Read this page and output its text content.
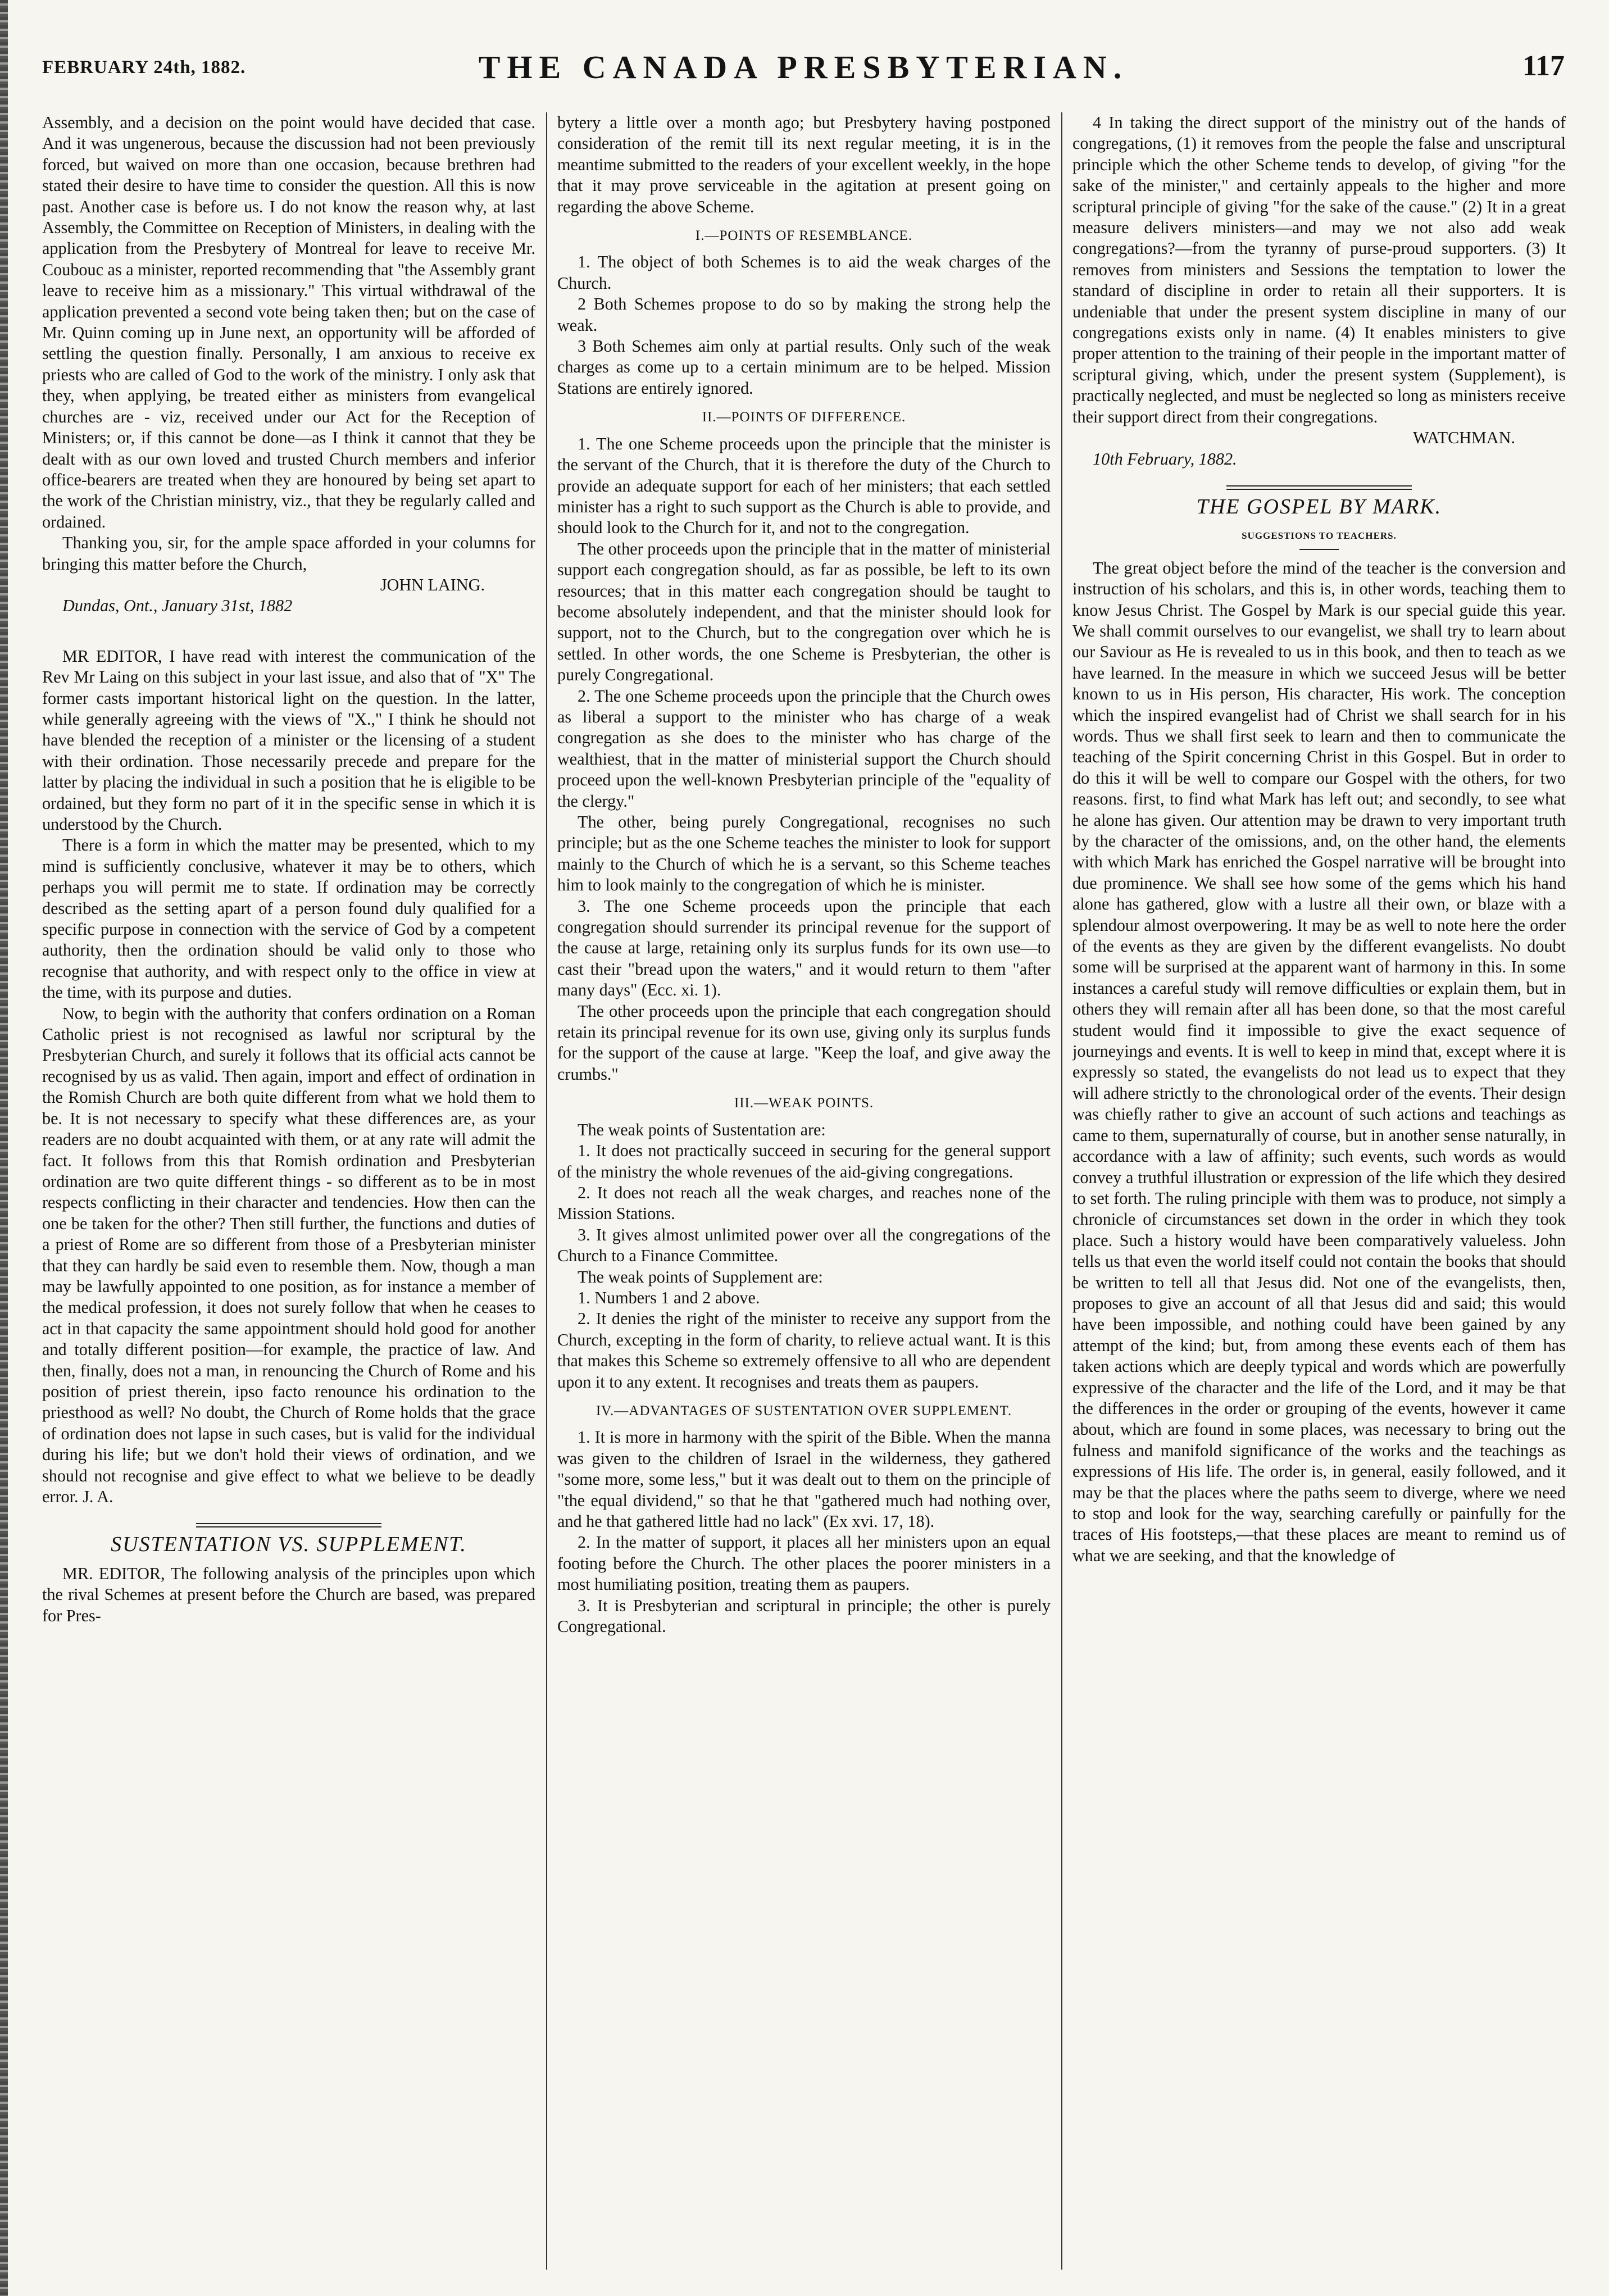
FEBRUARY 24th, 1882.	THE CANADA PRESBYTERIAN.	117

Assembly, and a decision on the point would have decided that case. And it was ungenerous, because the discussion had not been previously forced, but waived on more than one occasion, because brethren had stated their desire to have time to consider the question. All this is now past. Another case is before us. I do not know the reason why, at last Assembly, the Committee on Reception of Ministers, in dealing with the application from the Presbytery of Montreal for leave to receive Mr. Coubouc as a minister, reported recommending that "the Assembly grant leave to receive him as a missionary." This virtual withdrawal of the application prevented a second vote being taken then; but on the case of Mr. Quinn coming up in June next, an opportunity will be afforded of settling the question finally. Personally, I am anxious to receive ex priests who are called of God to the work of the ministry. I only ask that they, when applying, be treated either as ministers from evangelical churches are - viz, received under our Act for the Reception of Ministers; or, if this cannot be done—as I think it cannot that they be dealt with as our own loved and trusted Church members and inferior office-bearers are treated when they are honoured by being set apart to the work of the Christian ministry, viz., that they be regularly called and ordained.

Thanking you, sir, for the ample space afforded in your columns for bringing this matter before the Church,

JOHN LAING.

Dundas, Ont., January 31st, 1882

MR EDITOR, I have read with interest the communication of the Rev Mr Laing on this subject in your last issue, and also that of "X" The former casts important historical light on the question. In the latter, while generally agreeing with the views of "X.," I think he should not have blended the reception of a minister or the licensing of a student with their ordination. Those necessarily precede and prepare for the latter by placing the individual in such a position that he is eligible to be ordained, but they form no part of it in the specific sense in which it is understood by the Church.

There is a form in which the matter may be presented, which to my mind is sufficiently conclusive, whatever it may be to others, which perhaps you will permit me to state. If ordination may be correctly described as the setting apart of a person found duly qualified for a specific purpose in connection with the service of God by a competent authority, then the ordination should be valid only to those who recognise that authority, and with respect only to the office in view at the time, with its purpose and duties.

Now, to begin with the authority that confers ordination on a Roman Catholic priest is not recognised as lawful nor scriptural by the Presbyterian Church, and surely it follows that its official acts cannot be recognised by us as valid. Then again, import and effect of ordination in the Romish Church are both quite different from what we hold them to be. It is not necessary to specify what these differences are, as your readers are no doubt acquainted with them, or at any rate will admit the fact. It follows from this that Romish ordination and Presbyterian ordination are two quite different things - so different as to be in most respects conflicting in their character and tendencies. How then can the one be taken for the other? Then still further, the functions and duties of a priest of Rome are so different from those of a Presbyterian minister that they can hardly be said even to resemble them. Now, though a man may be lawfully appointed to one position, as for instance a member of the medical profession, it does not surely follow that when he ceases to act in that capacity the same appointment should hold good for another and totally different position—for example, the practice of law. And then, finally, does not a man, in renouncing the Church of Rome and his position of priest therein, ipso facto renounce his ordination to the priesthood as well? No doubt, the Church of Rome holds that the grace of ordination does not lapse in such cases, but is valid for the individual during his life; but we don't hold their views of ordination, and we should not recognise and give effect to what we believe to be deadly error. J. A.

SUSTENTATION VS. SUPPLEMENT.

MR. EDITOR, The following analysis of the principles upon which the rival Schemes at present before the Church are based, was prepared for Pres-

bytery a little over a month ago; but Presbytery having postponed consideration of the remit till its next regular meeting, it is in the meantime submitted to the readers of your excellent weekly, in the hope that it may prove serviceable in the agitation at present going on regarding the above Scheme.

I.—POINTS OF RESEMBLANCE.

1. The object of both Schemes is to aid the weak charges of the Church.

2 Both Schemes propose to do so by making the strong help the weak.

3 Both Schemes aim only at partial results. Only such of the weak charges as come up to a certain minimum are to be helped. Mission Stations are entirely ignored.

II.—POINTS OF DIFFERENCE.

1. The one Scheme proceeds upon the principle that the minister is the servant of the Church, that it is therefore the duty of the Church to provide an adequate support for each of her ministers; that each settled minister has a right to such support as the Church is able to provide, and should look to the Church for it, and not to the congregation.

The other proceeds upon the principle that in the matter of ministerial support each congregation should, as far as possible, be left to its own resources; that in this matter each congregation should be taught to become absolutely independent, and that the minister should look for support, not to the Church, but to the congregation over which he is settled. In other words, the one Scheme is Presbyterian, the other is purely Congregational.

2. The one Scheme proceeds upon the principle that the Church owes as liberal a support to the minister who has charge of a weak congregation as she does to the minister who has charge of the wealthiest, that in the matter of ministerial support the Church should proceed upon the well-known Presbyterian principle of the "equality of the clergy."

The other, being purely Congregational, recognises no such principle; but as the one Scheme teaches the minister to look for support mainly to the Church of which he is a servant, so this Scheme teaches him to look mainly to the congregation of which he is minister.

3. The one Scheme proceeds upon the principle that each congregation should surrender its principal revenue for the support of the cause at large, retaining only its surplus funds for its own use—to cast their "bread upon the waters," and it would return to them "after many days" (Ecc. xi. 1).

The other proceeds upon the principle that each congregation should retain its principal revenue for its own use, giving only its surplus funds for the support of the cause at large. "Keep the loaf, and give away the crumbs."

III.—WEAK POINTS.

The weak points of Sustentation are:

1. It does not practically succeed in securing for the general support of the ministry the whole revenues of the aid-giving congregations.

2. It does not reach all the weak charges, and reaches none of the Mission Stations.

3. It gives almost unlimited power over all the congregations of the Church to a Finance Committee.

The weak points of Supplement are:

1. Numbers 1 and 2 above.

2. It denies the right of the minister to receive any support from the Church, excepting in the form of charity, to relieve actual want. It is this that makes this Scheme so extremely offensive to all who are dependent upon it to any extent. It recognises and treats them as paupers.

IV.—ADVANTAGES OF SUSTENTATION OVER SUPPLEMENT.

1. It is more in harmony with the spirit of the Bible. When the manna was given to the children of Israel in the wilderness, they gathered "some more, some less," but it was dealt out to them on the principle of "the equal dividend," so that he that "gathered much had nothing over, and he that gathered little had no lack" (Ex xvi. 17, 18).

2. In the matter of support, it places all her ministers upon an equal footing before the Church. The other places the poorer ministers in a most humiliating position, treating them as paupers.

3. It is Presbyterian and scriptural in principle; the other is purely Congregational.

4 In taking the direct support of the ministry out of the hands of congregations, (1) it removes from the people the false and unscriptural principle which the other Scheme tends to develop, of giving "for the sake of the minister," and certainly appeals to the higher and more scriptural principle of giving "for the sake of the cause." (2) It in a great measure delivers ministers—and may we not also add weak congregations?—from the tyranny of purse-proud supporters. (3) It removes from ministers and Sessions the temptation to lower the standard of discipline in order to retain all their supporters. It is undeniable that under the present system discipline in many of our congregations exists only in name. (4) It enables ministers to give proper attention to the training of their people in the important matter of scriptural giving, which, under the present system (Supplement), is practically neglected, and must be neglected so long as ministers receive their support direct from their congregations.

WATCHMAN.

10th February, 1882.

THE GOSPEL BY MARK.

SUGGESTIONS TO TEACHERS.

The great object before the mind of the teacher is the conversion and instruction of his scholars, and this is, in other words, teaching them to know Jesus Christ. The Gospel by Mark is our special guide this year. We shall commit ourselves to our evangelist, we shall try to learn about our Saviour as He is revealed to us in this book, and then to teach as we have learned. In the measure in which we succeed Jesus will be better known to us in His person, His character, His work. The conception which the inspired evangelist had of Christ we shall search for in his words. Thus we shall first seek to learn and then to communicate the teaching of the Spirit concerning Christ in this Gospel. But in order to do this it will be well to compare our Gospel with the others, for two reasons. first, to find what Mark has left out; and secondly, to see what he alone has given. Our attention may be drawn to very important truth by the character of the omissions, and, on the other hand, the elements with which Mark has enriched the Gospel narrative will be brought into due prominence. We shall see how some of the gems which his hand alone has gathered, glow with a lustre all their own, or blaze with a splendour almost overpowering. It may be as well to note here the order of the events as they are given by the different evangelists. No doubt some will be surprised at the apparent want of harmony in this. In some instances a careful study will remove difficulties or explain them, but in others they will remain after all has been done, so that the most careful student would find it impossible to give the exact sequence of journeyings and events. It is well to keep in mind that, except where it is expressly so stated, the evangelists do not lead us to expect that they will adhere strictly to the chronological order of the events. Their design was chiefly rather to give an account of such actions and teachings as came to them, supernaturally of course, but in another sense naturally, in accordance with a law of affinity; such events, such words as would convey a truthful illustration or expression of the life which they desired to set forth. The ruling principle with them was to produce, not simply a chronicle of circumstances set down in the order in which they took place. Such a history would have been comparatively valueless. John tells us that even the world itself could not contain the books that should be written to tell all that Jesus did. Not one of the evangelists, then, proposes to give an account of all that Jesus did and said; this would have been impossible, and nothing could have been gained by any attempt of the kind; but, from among these events each of them has taken actions which are deeply typical and words which are powerfully expressive of the character and the life of the Lord, and it may be that the differences in the order or grouping of the events, however it came about, which are found in some places, was necessary to bring out the fulness and manifold significance of the works and the teachings as expressions of His life. The order is, in general, easily followed, and it may be that the places where the paths seem to diverge, where we need to stop and look for the way, searching carefully or painfully for the traces of His footsteps,—that these places are meant to remind us of what we are seeking, and that the knowledge of
